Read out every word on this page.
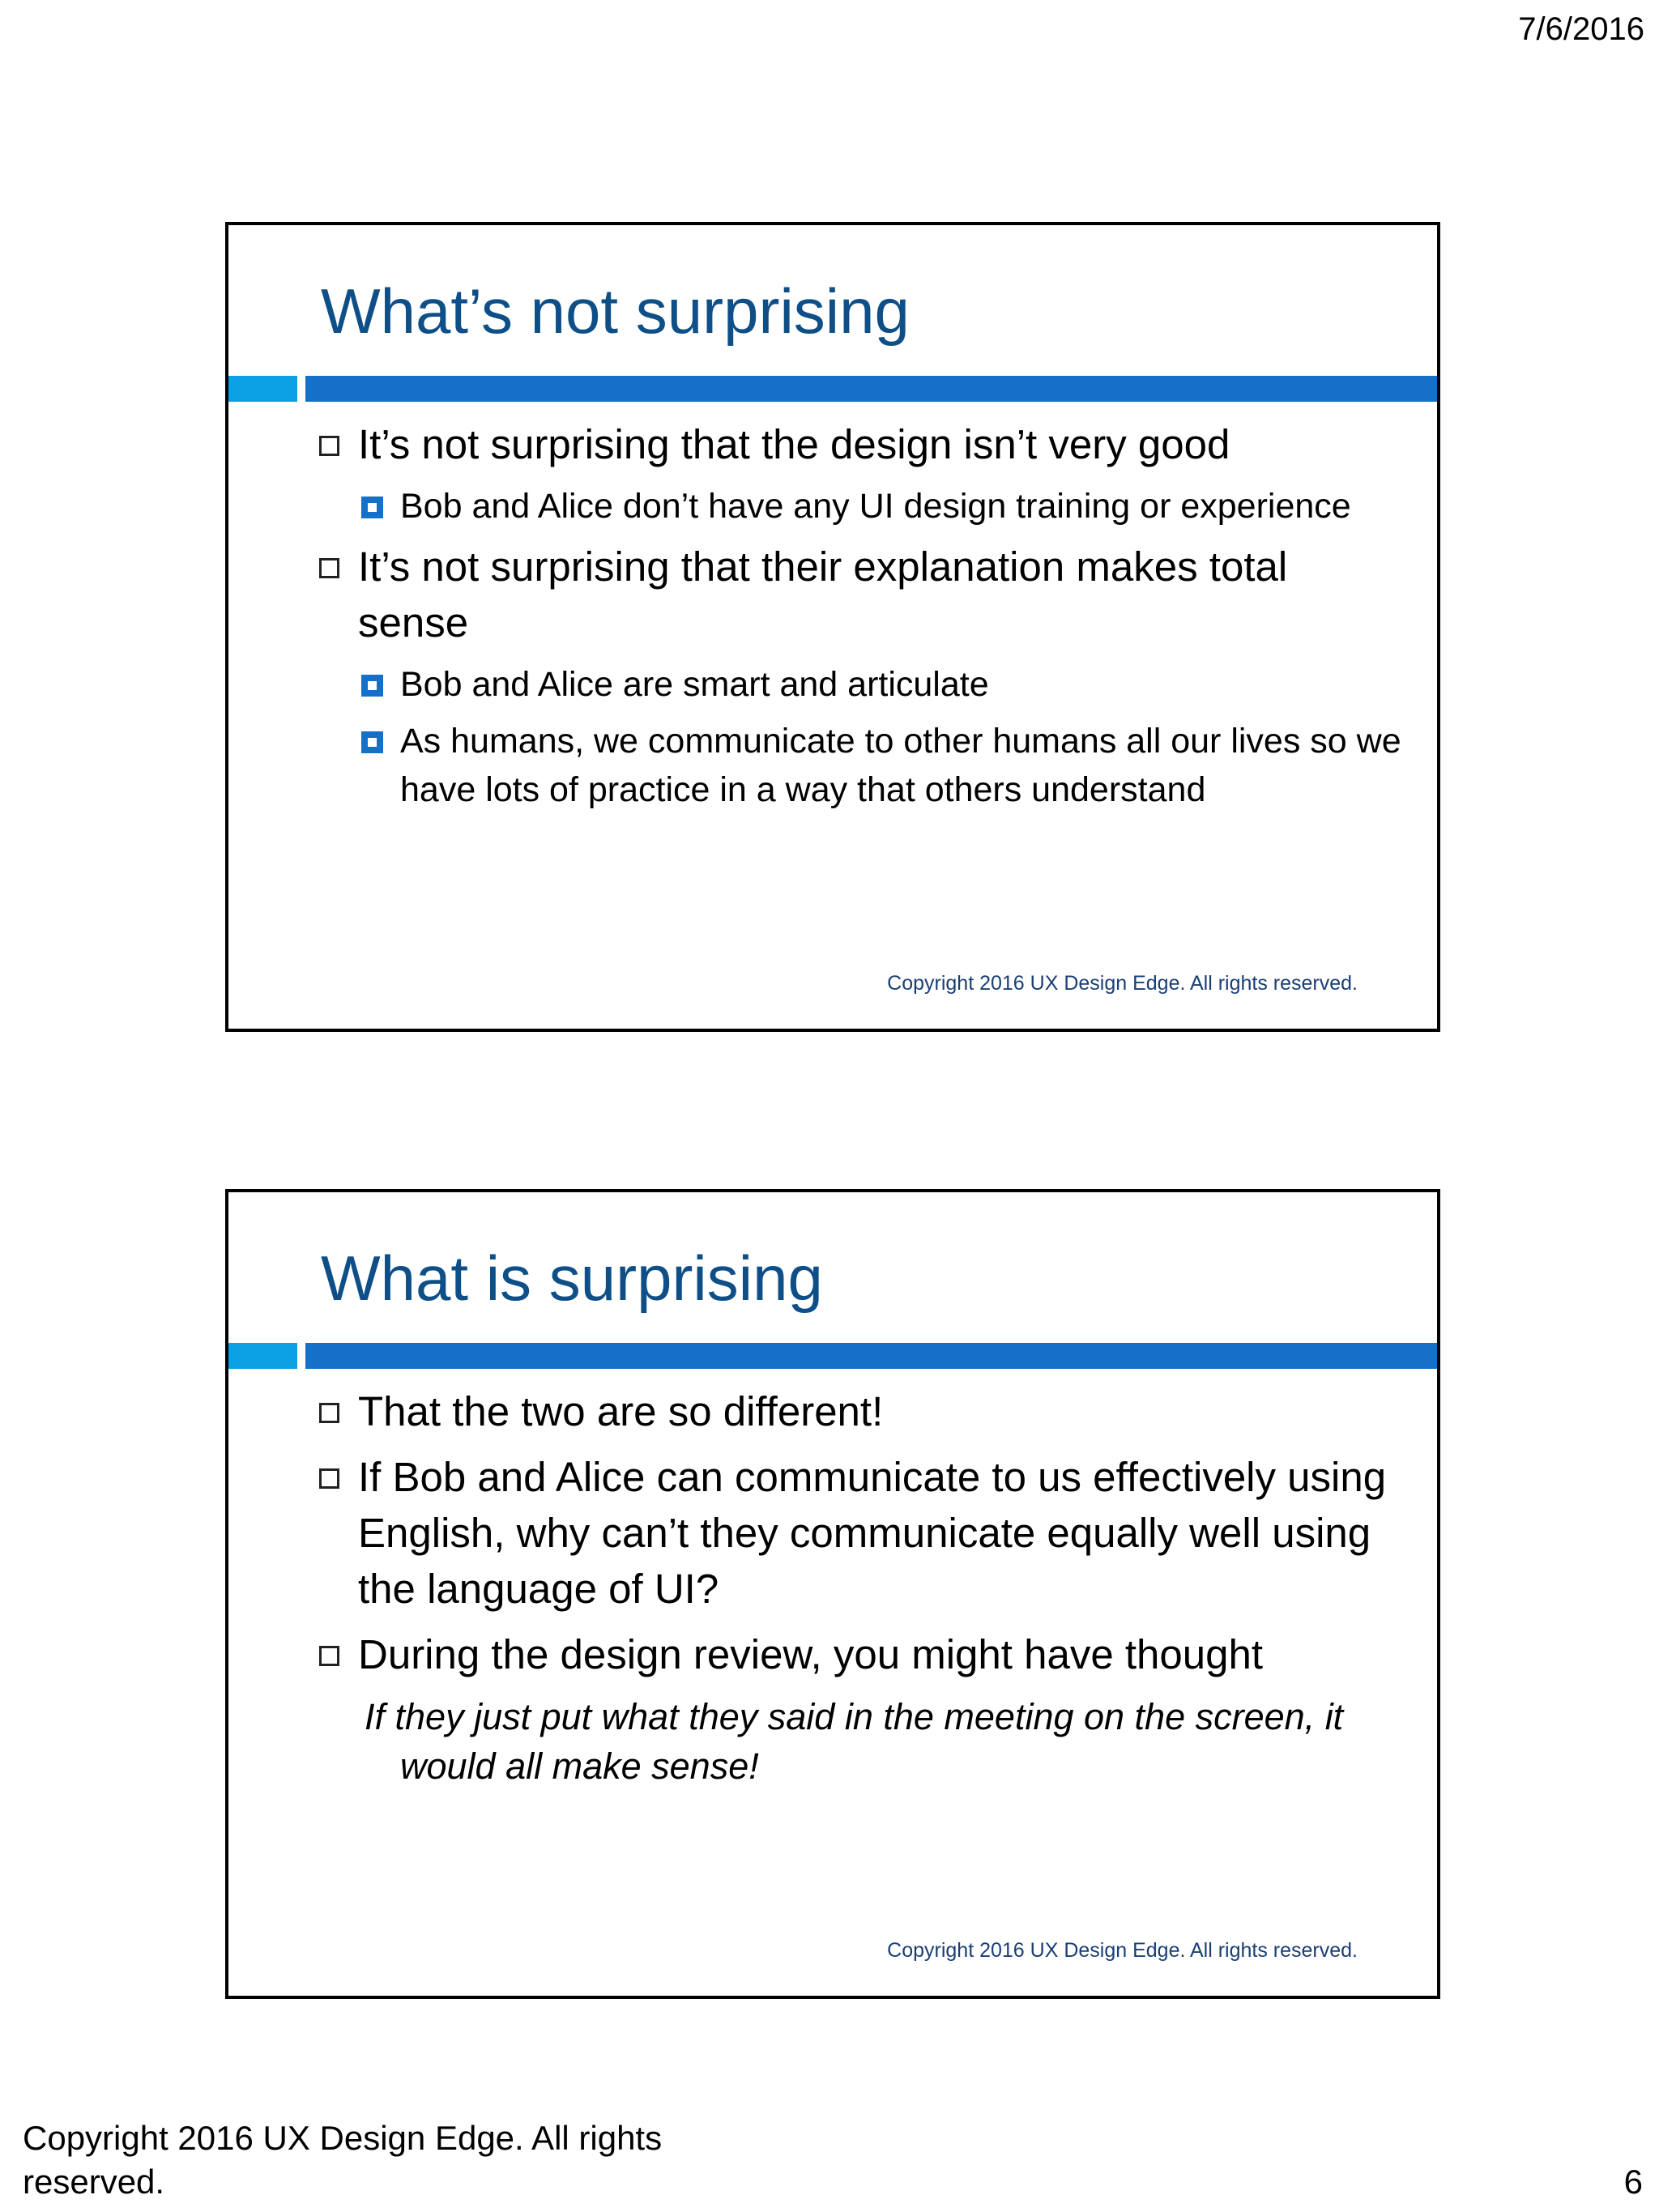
7/6/2016
What’s not surprising
It’s not surprising that the design isn’t very good
Bob and Alice don’t have any UI design training or experience
It’s not surprising that their explanation makes total sense
Bob and Alice are smart and articulate
As humans, we communicate to other humans all our lives so we have lots of practice in a way that others understand
Copyright 2016 UX Design Edge. All rights reserved.
What is surprising
That the two are so different!
If Bob and Alice can communicate to us effectively using English, why can’t they communicate equally well using the language of UI?
During the design review, you might have thought
If they just put what they said in the meeting on the screen, it would all make sense!
Copyright 2016 UX Design Edge. All rights reserved.
Copyright 2016 UX Design Edge. All rights reserved.	6
